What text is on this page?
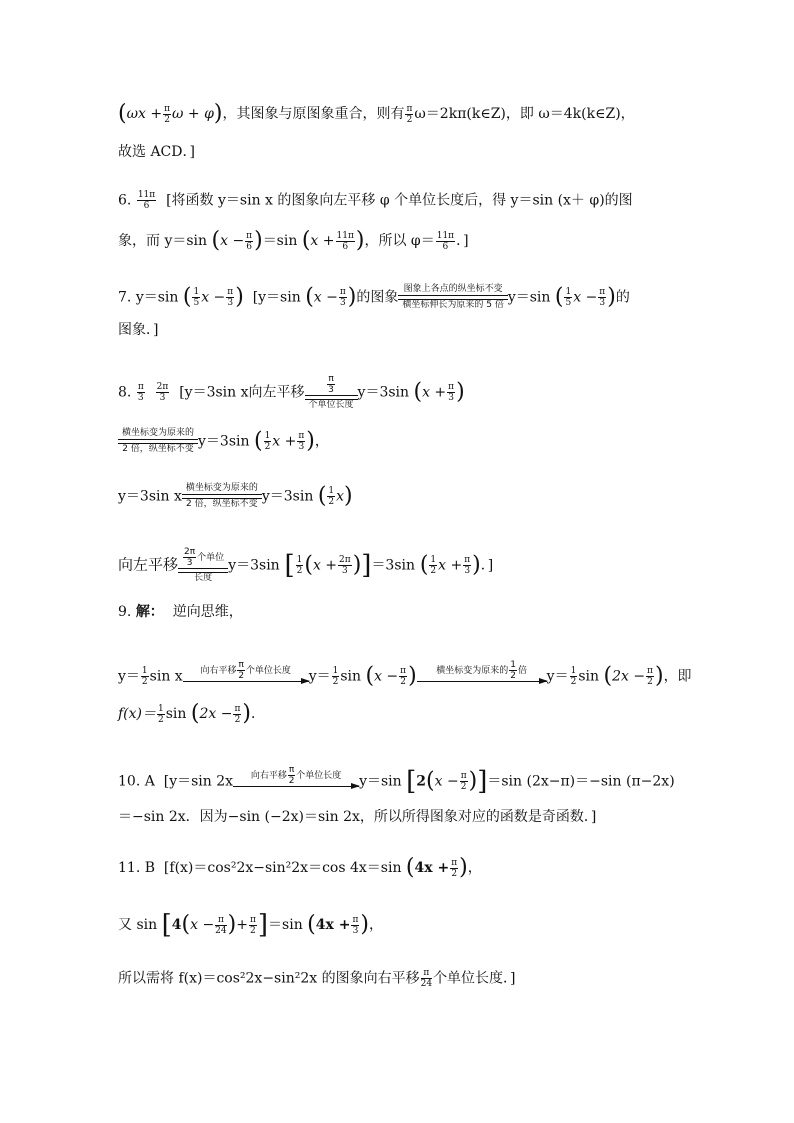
($\omega x + \frac{\pi}{2}$ ω + φ)，其图象与原图象重合，则有 $\frac{\pi}{2}$ ω＝2kπ(k∈Z)，即 ω＝4k(k∈Z)，
故选 ACD．]
6. $\frac{11\pi}{6}$ [将函数 y＝sin x 的图象向左平移 φ 个单位长度后，得 y＝sin (x＋ φ)的图
象，而 y＝sin $(x - \frac{\pi}{6} )=\sin$ ($x + \frac{11\pi}{6}$ )，所以 $\varphi= \frac{11\pi}{6}$ ．]
7. y＝sin ( $\frac{1}{5}$ $x - \frac{\pi}{3}$ ) [y＝sin ($x - \frac{\pi}{3}$ )的图象
图象上各点的纵坐标不变
横坐标伸长为原来的 5 倍 y＝sin ( $\frac{1}{5}$ $x - \frac{\pi}{3}$ )的
图象．]
8. $\frac{\pi}{3}$
$\frac{2\pi}{3} [y=3\sin$ x向左平移	$\frac{\pi}{3}$
个单位长度
y＝3sin ($x + \frac{\pi}{3}$ )
横坐标变为原来的
2 倍，纵坐标不变 y＝3sin ( $\frac{1}{2}$ $x + \frac{\pi}{3}$ )，
y＝3sin x
横坐标变为原来的
2 倍，纵坐标不变 y＝3sin ( $\frac{1}{2} x$)
向左平移 $\frac{2\pi}{3}$ 个单位
长度
y＝3sin [ $\frac{1}{2} (x + \frac{2\pi}{3} )]=3\sin$ ( $\frac{1}{2}$ $x + \frac{\pi}{3}$ )．]
9. 解： 逆向思维，
$y= \frac{1}{2}$ sin x	向右平移 $\frac{\pi}{2}$ 个单位长度
	$y= \frac{1}{2}$ $\sin (x - \frac{\pi}{2}$ )	横坐标变为原来的 $\frac{1}{2}$ 倍
	$y= \frac{1}{2}$ $\sin (2x - \frac{\pi}{2}$ )，即
$f(x)= \frac{1}{2}$ $\sin (2x - \frac{\pi}{2}$ )．
10. A [y＝sin 2x	向右平移 $\frac{\pi}{2}$ 个单位长度
	y＝sin $[2(x - \frac{\pi}{2} )]=\sin$ (2x−π)＝−sin (π−2x)
＝−sin 2x．因为−sin (−2x)＝sin 2x，所以所得图象对应的函数是奇函数．]
11. B [f(x)＝cos²2x−sin²2x＝cos 4x＝sin ($4x + \frac{\pi}{2}$ )，
又 $\sin [4(x - \frac{\pi}{24}$ )+ $\frac{\pi}{2} ]=\sin$ ($4x + \frac{\pi}{3}$ )，
所以需将 f(x)＝cos²2x−sin²2x 的图象向右平移 $\frac{\pi}{24}$ 个单位长度．]
